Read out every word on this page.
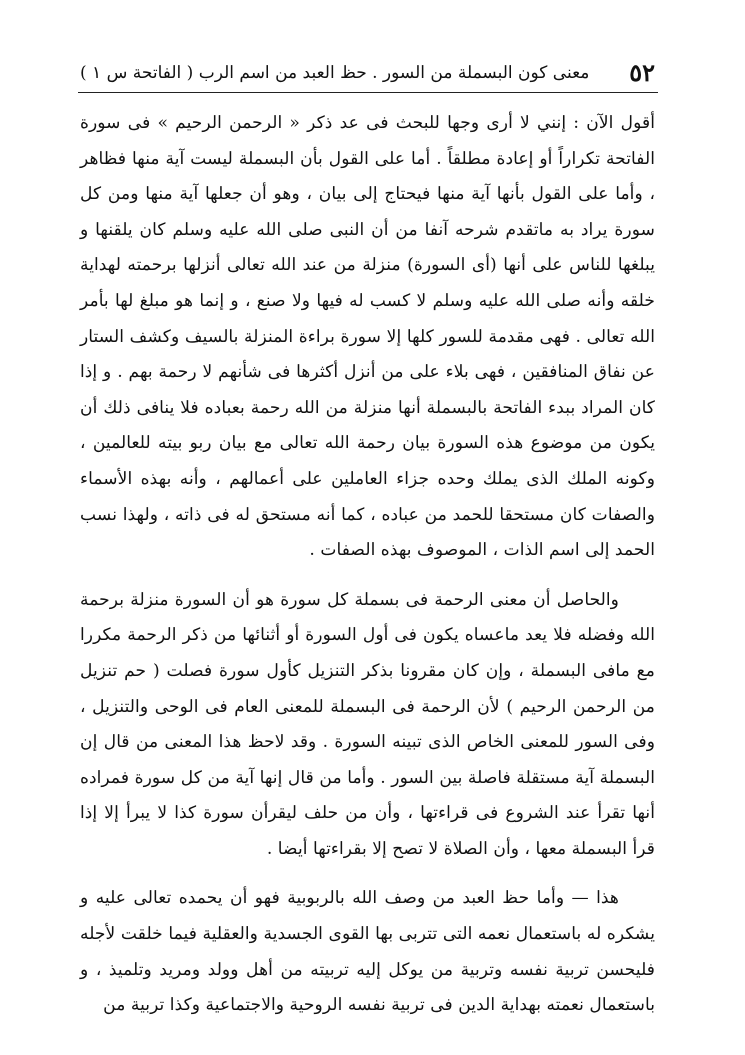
٥٢
معنى كون البسملة من السور . حظ العبد من اسم الرب ( الفاتحة س ١ )

أقول الآن : إنني لا أرى وجها للبحث فى عد ذكر « الرحمن الرحيم » فى سورة الفاتحة تكراراً أو إعادة مطلقاً . أما على القول بأن البسملة ليست آية منها فظاهر ، وأما على القول بأنها آية منها فيحتاج إلى بيان ، وهو أن جعلها آية منها ومن كل سورة يراد به ماتقدم شرحه آنفا من أن النبى صلى الله عليه وسلم كان يلقنها و يبلغها للناس على أنها (أى السورة) منزلة من عند الله تعالى أنزلها برحمته لهداية خلقه وأنه صلى الله عليه وسلم لا كسب له فيها ولا صنع ، و إنما هو مبلغ لها بأمر الله تعالى . فهى مقدمة للسور كلها إلا سورة براءة المنزلة بالسيف وكشف الستار عن نفاق المنافقين ، فهى بلاء على من أنزل أكثرها فى شأنهم لا رحمة بهم . و إذا كان المراد ببدء الفاتحة بالبسملة أنها منزلة من الله رحمة بعباده فلا ينافى ذلك أن يكون من موضوع هذه السورة بيان رحمة الله تعالى مع بيان ربو بيته للعالمين ، وكونه الملك الذى يملك وحده جزاء العاملين على أعمالهم ، وأنه بهذه الأسماء والصفات كان مستحقا للحمد من عباده ، كما أنه مستحق له فى ذاته ، ولهذا نسب الحمد إلى اسم الذات ، الموصوف بهذه الصفات .

والحاصل أن معنى الرحمة فى بسملة كل سورة هو أن السورة منزلة برحمة الله وفضله فلا يعد ماعساه يكون فى أول السورة أو أثنائها من ذكر الرحمة مكررا مع مافى البسملة ، وإن كان مقرونا بذكر التنزيل كأول سورة فصلت ( حم تنزيل من الرحمن الرحيم ) لأن الرحمة فى البسملة للمعنى العام فى الوحى والتنزيل ، وفى السور للمعنى الخاص الذى تبينه السورة . وقد لاحظ هذا المعنى من قال إن البسملة آية مستقلة فاصلة بين السور . وأما من قال إنها آية من كل سورة فمراده أنها تقرأ عند الشروع فى قراءتها ، وأن من حلف ليقرأن سورة كذا لا يبرأ إلا إذا قرأ البسملة معها ، وأن الصلاة لا تصح إلا بقراءتها أيضا .

هذا — وأما حظ العبد من وصف الله بالربوبية فهو أن يحمده تعالى عليه و يشكره له باستعمال نعمه التى تتربى بها القوى الجسدية والعقلية فيما خلقت لأجله فليحسن تربية نفسه وتربية من يوكل إليه تربيته من أهل وولد ومريد وتلميذ ، و باستعمال نعمته بهداية الدين فى تربية نفسه الروحية والاجتماعية وكذا تربية من
